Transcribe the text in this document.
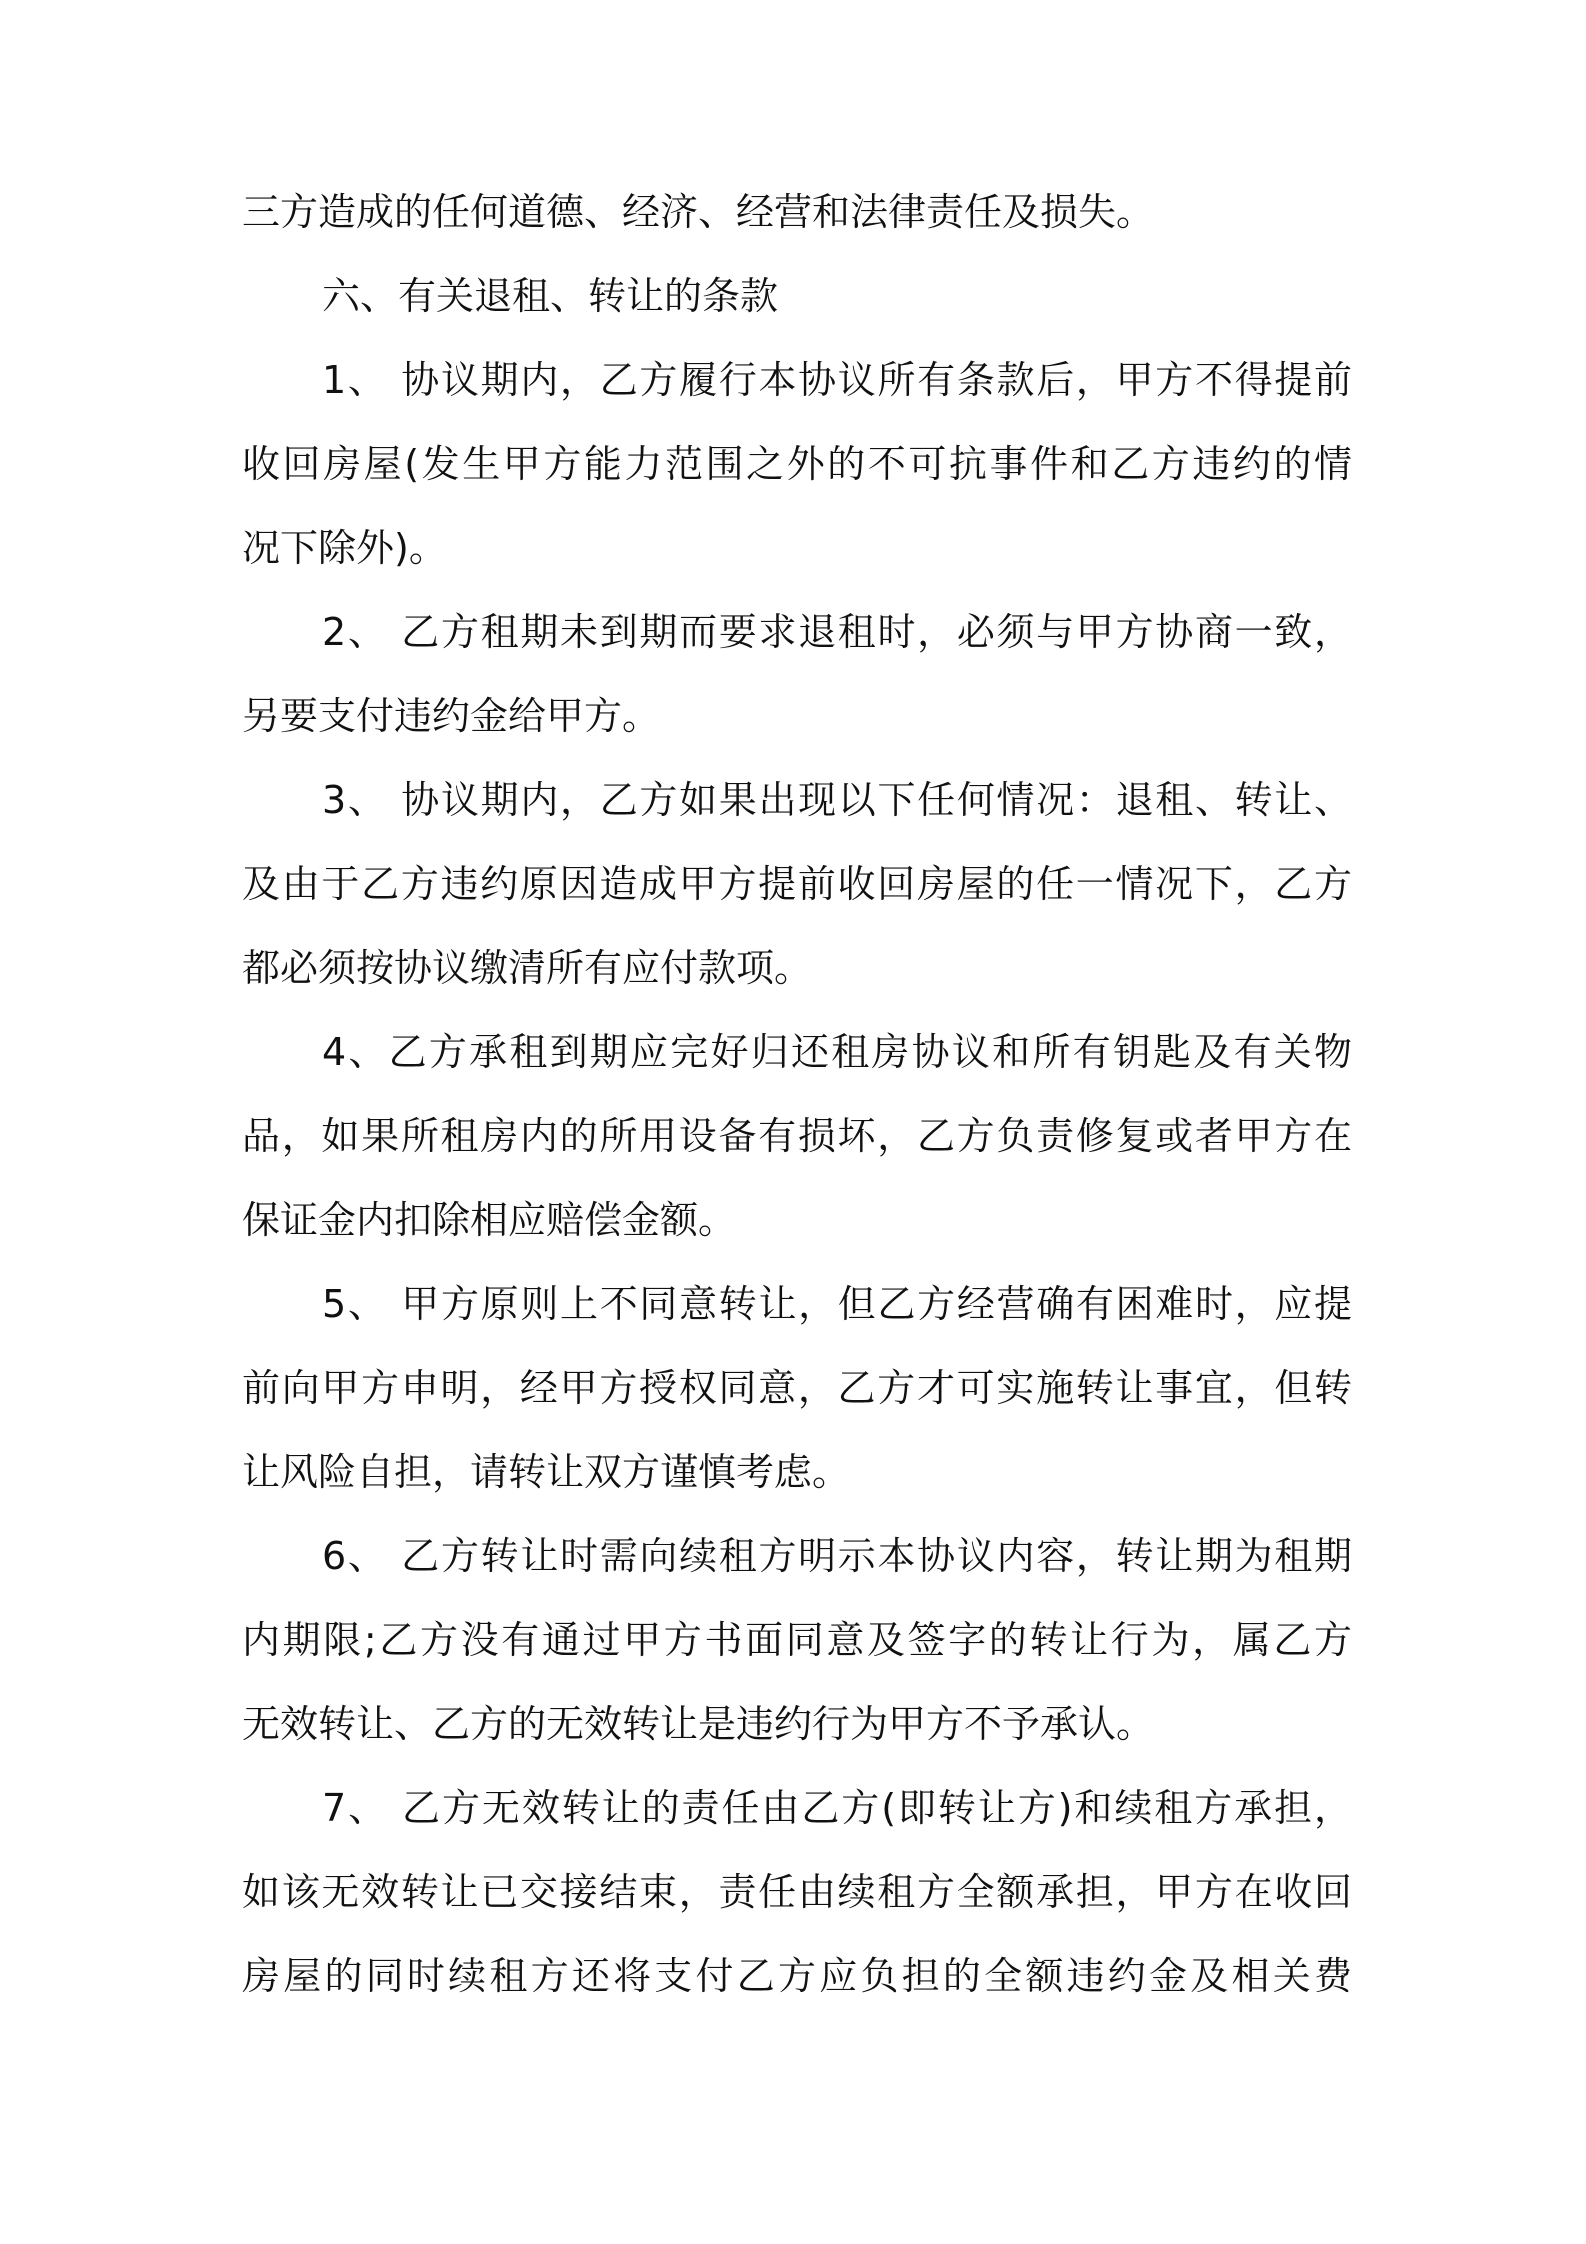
三方造成的任何道德、经济、经营和法律责任及损失。
六、有关退租、转让的条款
1、 协议期内，乙方履行本协议所有条款后，甲方不得提前
收回房屋(发生甲方能力范围之外的不可抗事件和乙方违约的情
况下除外)。
2、 乙方租期未到期而要求退租时，必须与甲方协商一致，
另要支付违约金给甲方。
3、 协议期内，乙方如果出现以下任何情况：退租、转让、
及由于乙方违约原因造成甲方提前收回房屋的任一情况下，乙方
都必须按协议缴清所有应付款项。
4、乙方承租到期应完好归还租房协议和所有钥匙及有关物
品，如果所租房内的所用设备有损坏，乙方负责修复或者甲方在
保证金内扣除相应赔偿金额。
5、 甲方原则上不同意转让，但乙方经营确有困难时，应提
前向甲方申明，经甲方授权同意，乙方才可实施转让事宜，但转
让风险自担，请转让双方谨慎考虑。
6、 乙方转让时需向续租方明示本协议内容，转让期为租期
内期限;乙方没有通过甲方书面同意及签字的转让行为，属乙方
无效转让、乙方的无效转让是违约行为甲方不予承认。
7、 乙方无效转让的责任由乙方(即转让方)和续租方承担，
如该无效转让已交接结束，责任由续租方全额承担，甲方在收回
房屋的同时续租方还将支付乙方应负担的全额违约金及相关费
